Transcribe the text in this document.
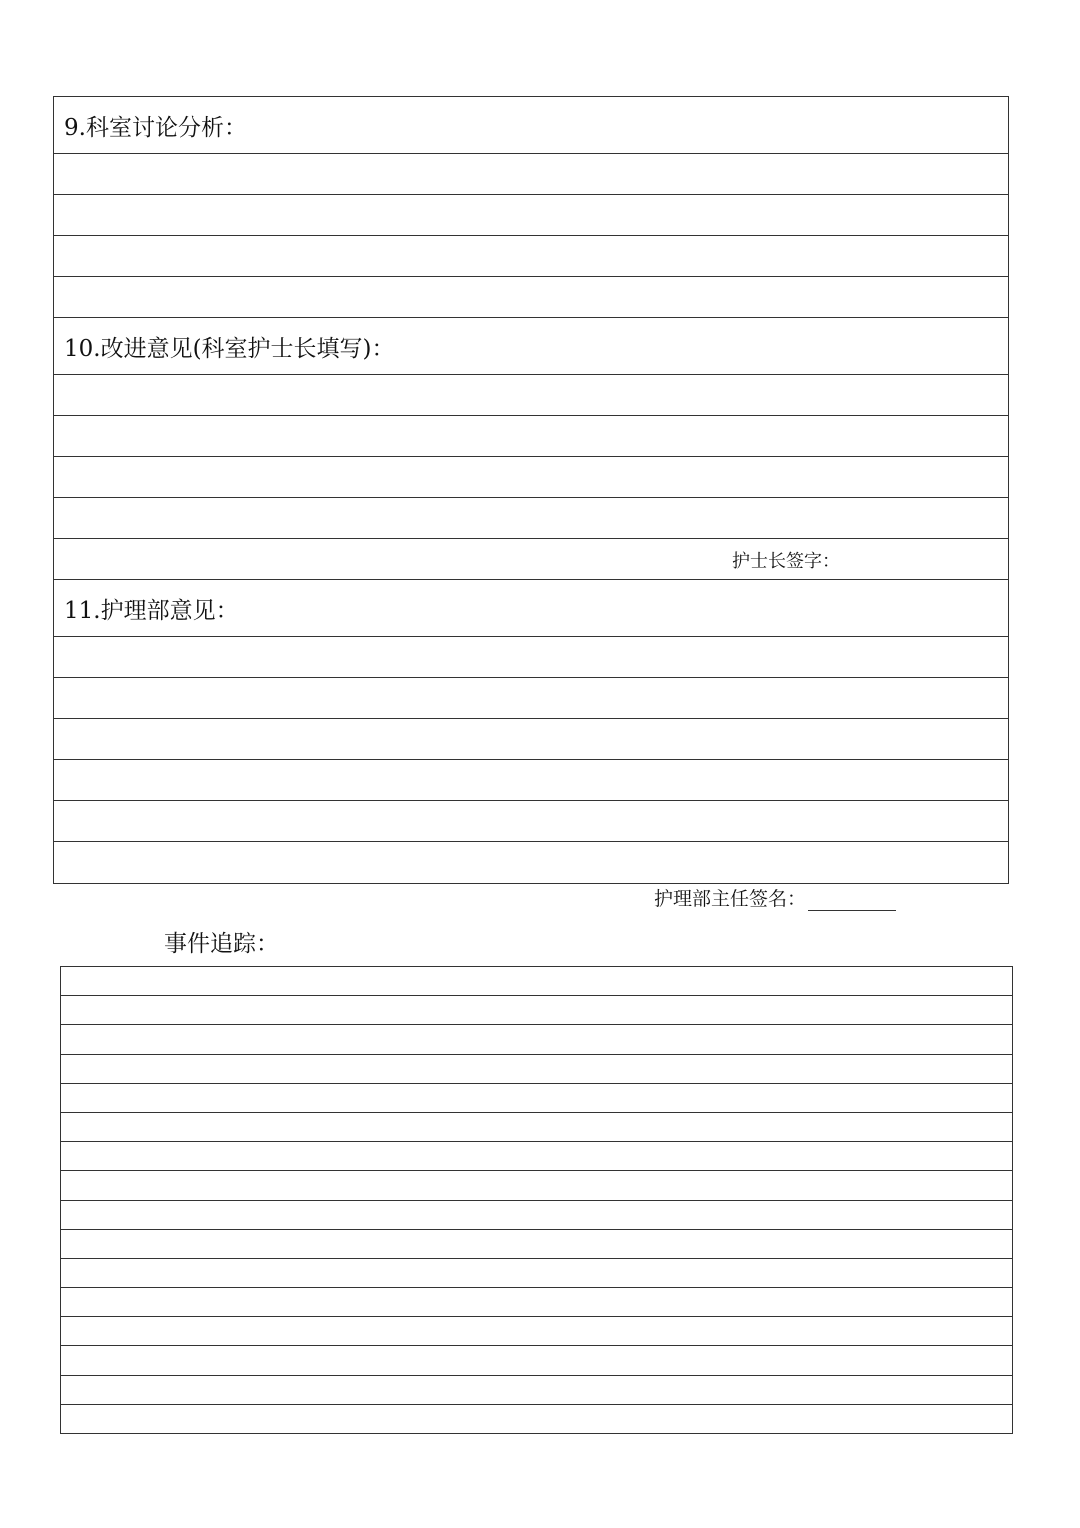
9.科室讨论分析：
10.改进意见(科室护士长填写)：
护士长签字：
11.护理部意见：
护理部主任签名：
事件追踪：
